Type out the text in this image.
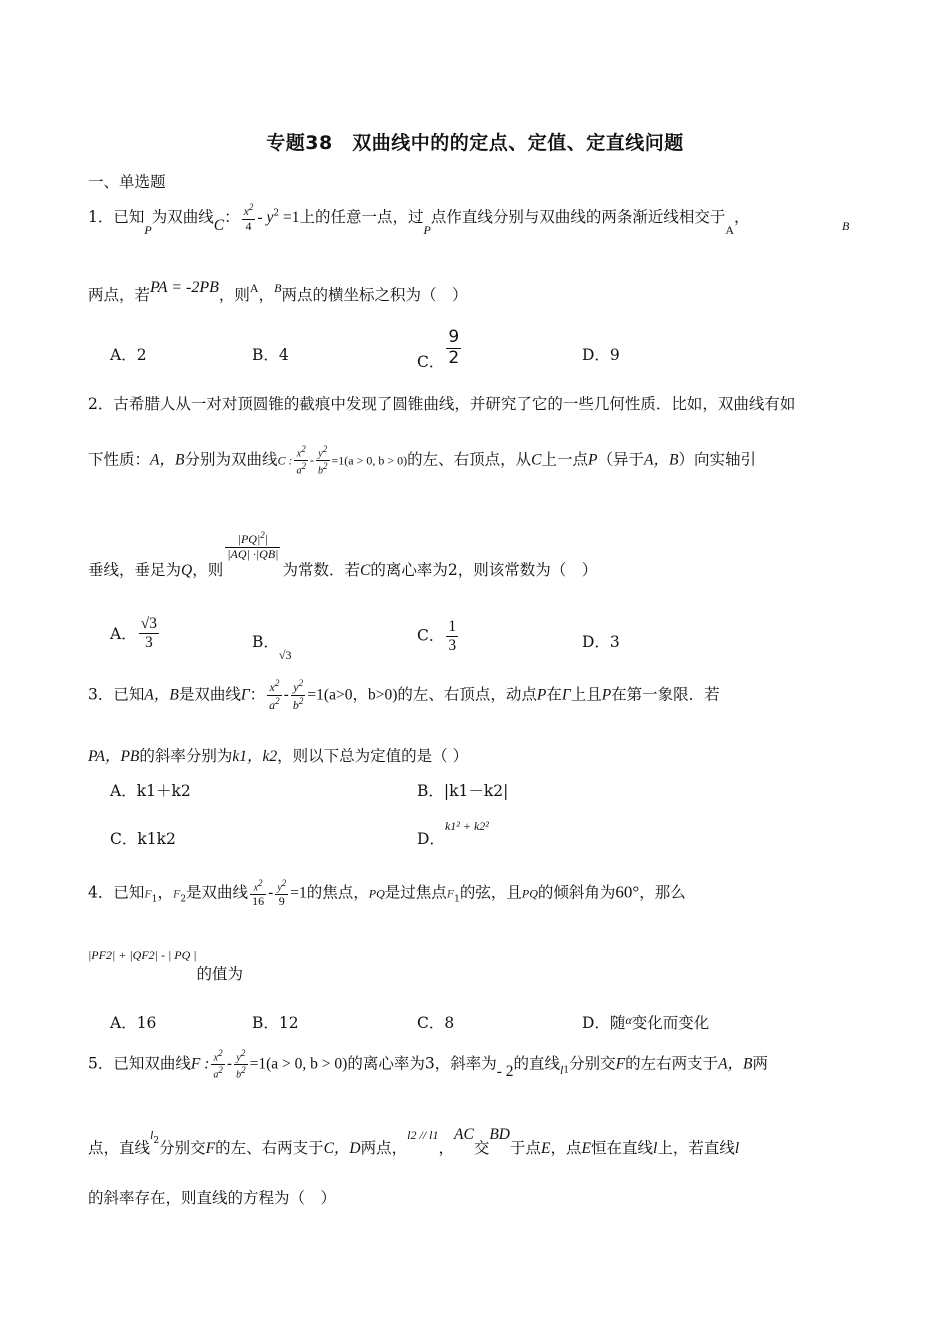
专题38　双曲线中的的定点、定值、定直线问题
一、单选题
1．已知$_P$为双曲线C： $\frac{x^2}{4} - y^2 =1$上的任意一点，过$_P$点作直线分别与双曲线的两条渐近线相交于$_A$，
B
两点，若PA = -2PB，则$^A$，$^B$两点的横坐标之积为（　）
A．2	B．4	C． $\frac{9}{2}$	D．9
2．古希腊人从一对对顶圆锥的截痕中发现了圆锥曲线，并研究了它的一些几何性质．比如，双曲线有如
下性质：A，B分别为双曲线C : $\frac{x^2}{a^2} - \frac{y^2}{b^2} =1(a > 0$, b > 0)的左、右顶点，从C上一点P（异于A，B）向实轴引
垂线，垂足为Q，则
$\frac{|PQ|^2|}{|AQ| \cdot|QB|}$
为常数．若C的离心率为2，则该常数为（　）
A． $\frac{√3}{3}$	B．$_{√3}$
C． $\frac{1}{3}$	D．3
3．已知A，B是双曲线Γ： $\frac{x^2}{a^2} - \frac{y^2}{b^2} =1(a>0$，b>0)的左、右顶点，动点P在Γ上且P在第一象限．若
PA，PB的斜率分别为k1，k2，则以下总为定值的是（ ）
A．k1＋k2	B．|k1－k2|
C．k1k2	D．k1² + k2²
4．已知$F_1$，$F_2$是双曲线 $\frac{x^2}{16} - \frac{y^2}{9} =1$的焦点，PQ是过焦点$F_1$的弦，且PQ的倾斜角为60°，那么
$^{|PF2| + |QF2| - | PQ |}$的值为
A．16	B．12	C．8	D．随$^\alpha$变化而变化
5．已知双曲线F : $\frac{x^2}{a^2} - \frac{y^2}{b^2} =1(a > 0$, b > 0)的离心率为3，斜率为- 2的直线$_{l1}$分别交F的左右两支于A，B两
点，直线$l_2$分别交F的左、右两支于C，D两点，l2 // l1，AC交BD于点E，点E恒在直线l上，若直线l
的斜率存在，则直线的方程为（　）
